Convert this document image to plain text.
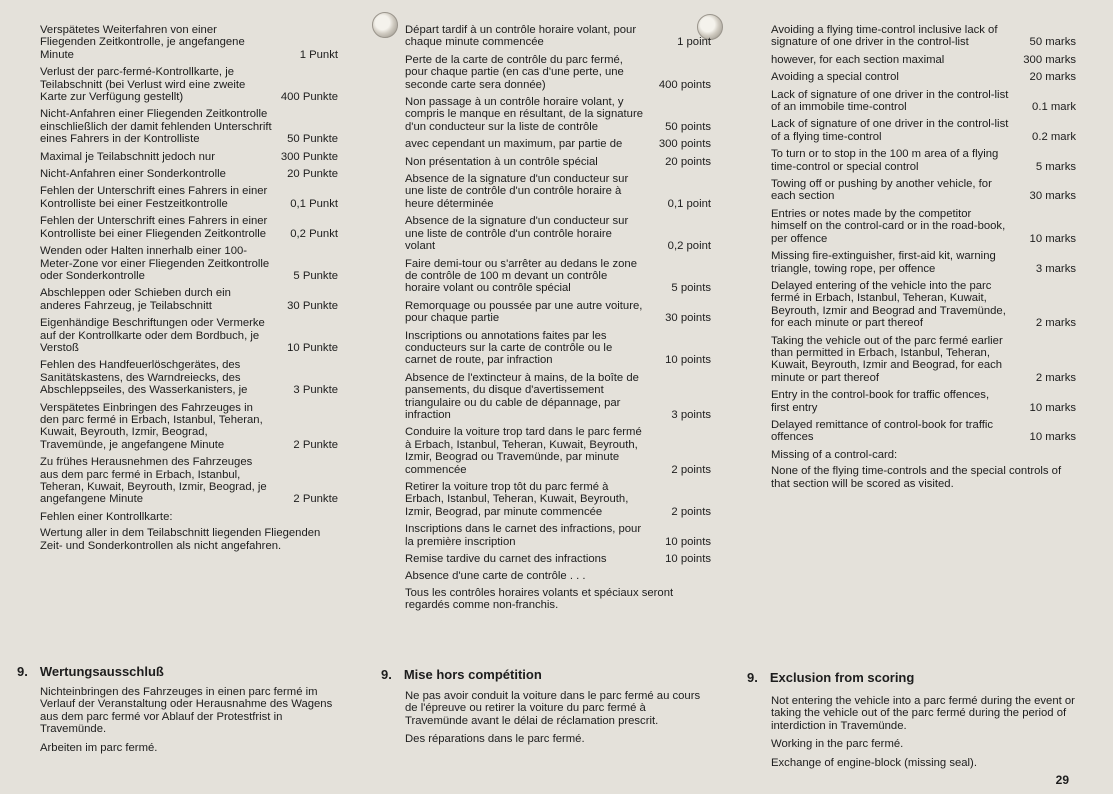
Verspätetes Weiterfahren von einer Fliegenden Zeitkontrolle, je angefangene Minute	1 Punkt
Verlust der parc-fermé-Kontrollkarte, je Teilabschnitt (bei Verlust wird eine zweite Karte zur Verfügung gestellt)	400 Punkte
Nicht-Anfahren einer Fliegenden Zeitkontrolle einschließlich der damit fehlenden Unterschrift eines Fahrers in der Kontrolliste	50 Punkte
Maximal je Teilabschnitt jedoch nur	300 Punkte
Nicht-Anfahren einer Sonderkontrolle	20 Punkte
Fehlen der Unterschrift eines Fahrers in einer Kontrolliste bei einer Festzeitkontrolle	0,1 Punkt
Fehlen der Unterschrift eines Fahrers in einer Kontrolliste bei einer Fliegenden Zeitkontrolle	0,2 Punkt
Wenden oder Halten innerhalb einer 100-Meter-Zone vor einer Fliegenden Zeitkontrolle oder Sonderkontrolle	5 Punkte
Abschleppen oder Schieben durch ein anderes Fahrzeug, je Teilabschnitt	30 Punkte
Eigenhändige Beschriftungen oder Vermerke auf der Kontrollkarte oder dem Bordbuch, je Verstoß	10 Punkte
Fehlen des Handfeuerlöschgerätes, des Sanitätskastens, des Warndreiecks, des Abschleppseiles, des Wasserkanisters, je	3 Punkte
Verspätetes Einbringen des Fahrzeuges in den parc fermé in Erbach, Istanbul, Teheran, Kuwait, Beyrouth, Izmir, Beograd, Travemünde, je angefangene Minute	2 Punkte
Zu frühes Herausnehmen des Fahrzeuges aus dem parc fermé in Erbach, Istanbul, Teheran, Kuwait, Beyrouth, Izmir, Beograd, je angefangene Minute	2 Punkte
Fehlen einer Kontrollkarte:
Wertung aller in dem Teilabschnitt liegenden Fliegenden Zeit- und Sonderkontrollen als nicht angefahren.
Départ tardif à un contrôle horaire volant, pour chaque minute commencée	1 point
Perte de la carte de contrôle du parc fermé, pour chaque partie (en cas d'une perte, une seconde carte sera donnée)	400 points
Non passage à un contrôle horaire volant, y compris le manque en résultant, de la signature d'un conducteur sur la liste de contrôle	50 points
avec cependant un maximum, par partie de	300 points
Non présentation à un contrôle spécial	20 points
Absence de la signature d'un conducteur sur une liste de contrôle d'un contrôle horaire à heure déterminée	0,1 point
Absence de la signature d'un conducteur sur une liste de contrôle d'un contrôle horaire volant	0,2 point
Faire demi-tour ou s'arrêter au dedans le zone de contrôle de 100 m devant un contrôle horaire volant ou contrôle spécial	5 points
Remorquage ou poussée par une autre voiture, pour chaque partie	30 points
Inscriptions ou annotations faites par les conducteurs sur la carte de contrôle ou le carnet de route, par infraction	10 points
Absence de l'extincteur à mains, de la boîte de pansements, du disque d'avertissement triangulaire ou du cable de dépannage, par infraction	3 points
Conduire la voiture trop tard dans le parc fermé à Erbach, Istanbul, Teheran, Kuwait, Beyrouth, Izmir, Beograd ou Travemünde, par minute commencée	2 points
Retirer la voiture trop tôt du parc fermé à Erbach, Istanbul, Teheran, Kuwait, Beyrouth, Izmir, Beograd, par minute commencée	2 points
Inscriptions dans le carnet des infractions, pour la première inscription	10 points
Remise tardive du carnet des infractions	10 points
Absence d'une carte de contrôle . . .
Tous les contrôles horaires volants et spéciaux seront regardés comme non-franchis.
Avoiding a flying time-control inclusive lack of signature of one driver in the control-list	50 marks
however, for each section maximal	300 marks
Avoiding a special control	20 marks
Lack of signature of one driver in the control-list of an immobile time-control	0.1 mark
Lack of signature of one driver in the control-list of a flying time-control	0.2 mark
To turn or to stop in the 100 m area of a flying time-control or special control	5 marks
Towing off or pushing by another vehicle, for each section	30 marks
Entries or notes made by the competitor himself on the control-card or in the road-book, per offence	10 marks
Missing fire-extinguisher, first-aid kit, warning triangle, towing rope, per offence	3 marks
Delayed entering of the vehicle into the parc fermé in Erbach, Istanbul, Teheran, Kuwait, Beyrouth, Izmir and Beograd and Travemünde, for each minute or part thereof	2 marks
Taking the vehicle out of the parc fermé earlier than permitted in Erbach, Istanbul, Teheran, Kuwait, Beyrouth, Izmir and Beograd, for each minute or part thereof	2 marks
Entry in the control-book for traffic offences, first entry	10 marks
Delayed remittance of control-book for traffic offences	10 marks
Missing of a control-card:
None of the flying time-controls and the special controls of that section will be scored as visited.
9. Wertungsausschluß

Nichteinbringen des Fahrzeuges in einen parc fermé im Verlauf der Veranstaltung oder Herausnahme des Wagens aus dem parc fermé vor Ablauf der Protestfrist in Travemünde.

Arbeiten im parc fermé.

9. Mise hors compétition

Ne pas avoir conduit la voiture dans le parc fermé au cours de l'épreuve ou retirer la voiture du parc fermé à Travemünde avant le délai de réclamation prescrit.

Des réparations dans le parc fermé.

9. Exclusion from scoring

Not entering the vehicle into a parc fermé during the event or taking the vehicle out of the parc fermé during the period of interdiction in Travemünde.

Working in the parc fermé.

Exchange of engine-block (missing seal).

29
